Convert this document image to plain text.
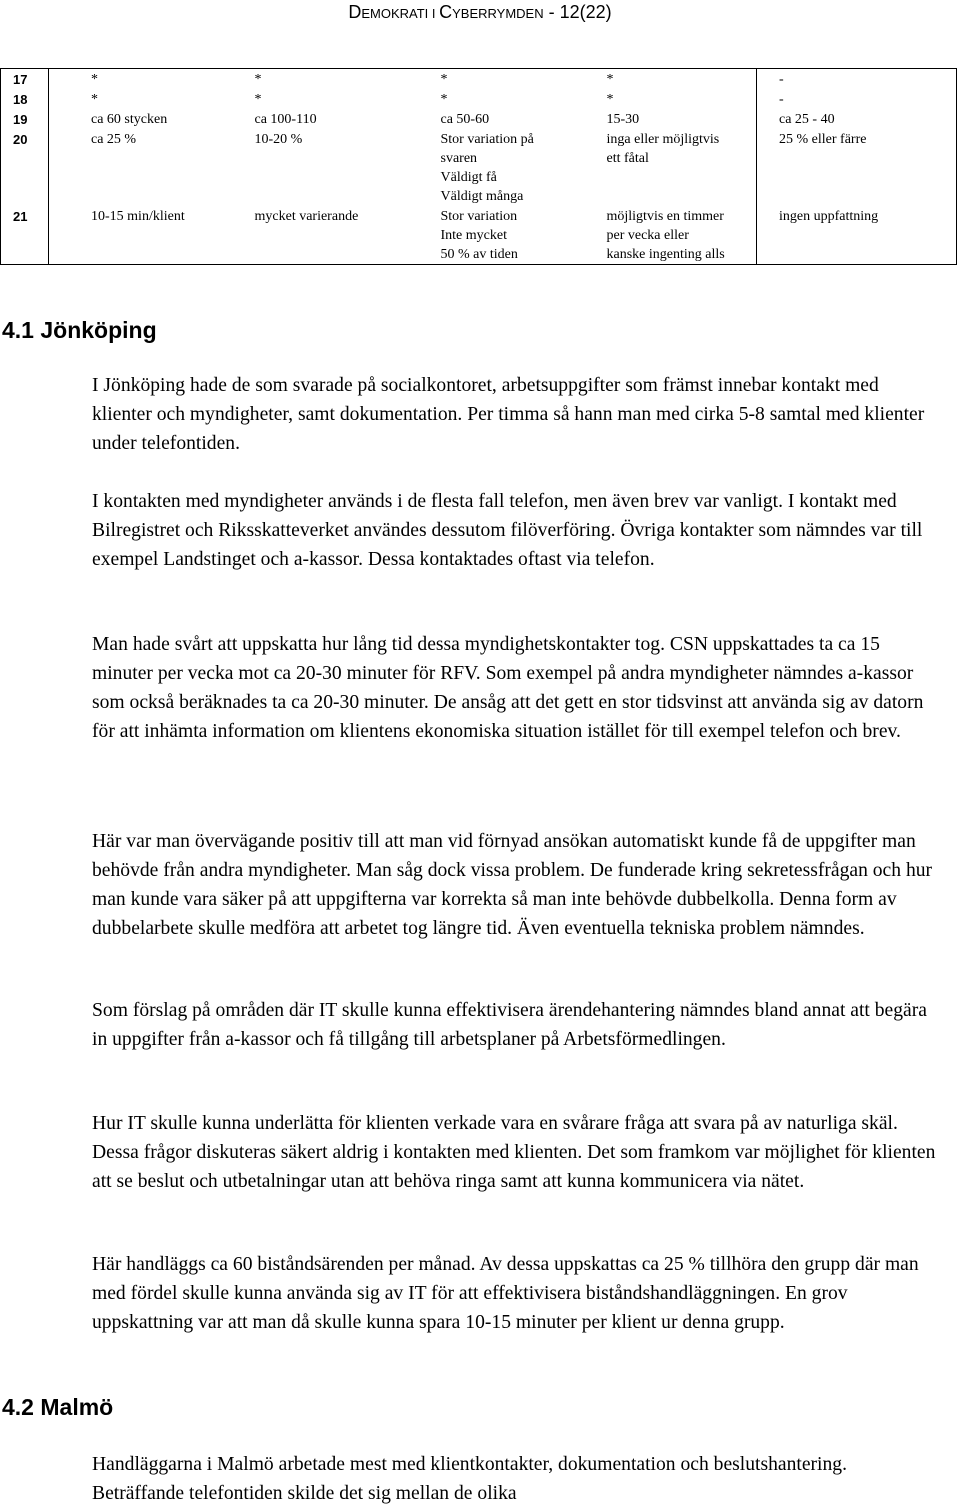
DEMOKRATI I CYBERRYMDEN - 12(22)
17	*	*	*	*	-

18	*	*	*	*	-

19	ca 60 stycken	ca 100-110	ca 50-60	15-30	ca 25 - 40

20	ca 25 %	10-20 %	Stor variation på
svaren
Väldigt få
Väldigt många	inga eller möjligtvis
ett fåtal	25 % eller färre

21	10-15 min/klient	mycket varierande	Stor variation
Inte mycket
50 % av tiden	möjligtvis en timmer
per vecka eller
kanske ingenting alls	ingen uppfattning
4.1 Jönköping

I Jönköping hade de som svarade på socialkontoret, arbetsuppgifter som främst innebar kontakt med klienter och myndigheter, samt dokumentation. Per timma så hann man med cirka 5-8 samtal med klienter under telefontiden.

I kontakten med myndigheter används i de flesta fall telefon, men även brev var vanligt. I kontakt med Bilregistret och Riksskatteverket användes dessutom filöverföring. Övriga kontakter som nämndes var till exempel Landstinget och a-kassor. Dessa kontaktades oftast via telefon.

Man hade svårt att uppskatta hur lång tid dessa myndighetskontakter tog. CSN uppskattades ta ca 15 minuter per vecka mot ca 20-30 minuter för RFV. Som exempel på andra myndigheter nämndes a-kassor som också beräknades ta ca 20-30 minuter. De ansåg att det gett en stor tidsvinst att använda sig av datorn för att inhämta information om klientens ekonomiska situation istället för till exempel telefon och brev.

Här var man övervägande positiv till att man vid förnyad ansökan automatiskt kunde få de uppgifter man behövde från andra myndigheter. Man såg dock vissa problem. De funderade kring sekretessfrågan och hur man kunde vara säker på att uppgifterna var korrekta så man inte behövde dubbelkolla. Denna form av dubbelarbete skulle medföra att arbetet tog längre tid. Även eventuella tekniska problem nämndes.

Som förslag på områden där IT skulle kunna effektivisera ärendehantering nämndes bland annat att begära in uppgifter från a-kassor och få tillgång till arbetsplaner på Arbetsförmedlingen.

Hur IT skulle kunna underlätta för klienten verkade vara en svårare fråga att svara på av naturliga skäl. Dessa frågor diskuteras säkert aldrig i kontakten med klienten. Det som framkom var möjlighet för klienten att se beslut och utbetalningar utan att behöva ringa samt att kunna kommunicera via nätet.

Här handläggs ca 60 biståndsärenden per månad. Av dessa uppskattas ca 25 % tillhöra den grupp där man med fördel skulle kunna använda sig av IT för att effektivisera biståndshandläggningen. En grov uppskattning var att man då skulle kunna spara 10-15 minuter per klient ur denna grupp.

4.2 Malmö

Handläggarna i Malmö arbetade mest med klientkontakter, dokumentation och beslutshantering. Beträffande telefontiden skilde det sig mellan de olika
